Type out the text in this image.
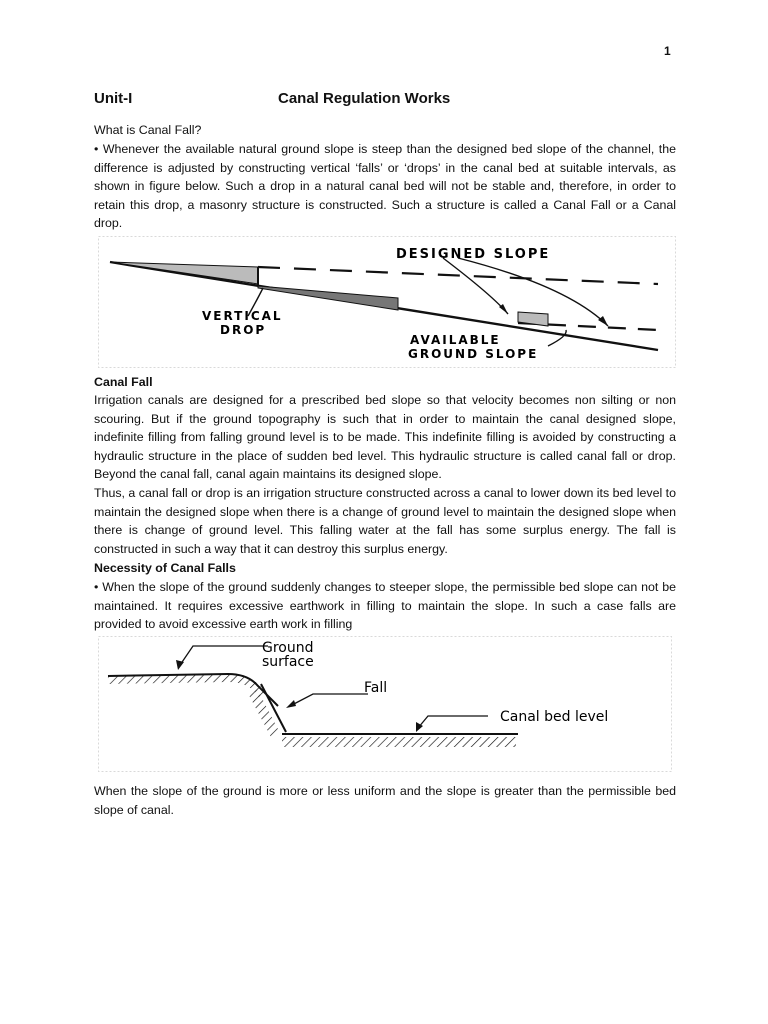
1
Unit-I	Canal Regulation Works

What is Canal Fall?

• Whenever the available natural ground slope is steep than the designed bed slope of the channel, the difference is adjusted by constructing vertical ‘falls’ or ‘drops’ in the canal bed at suitable intervals, as shown in figure below. Such a drop in a natural canal bed will not be stable and, therefore, in order to retain this drop, a masonry structure is constructed. Such a structure is called a Canal Fall or a Canal drop.

DESIGNED SLOPE
VERTICAL
DROP
AVAILABLE
GROUND SLOPE

Canal Fall

Irrigation canals are designed for a prescribed bed slope so that velocity becomes non silting or non scouring. But if the ground topography is such that in order to maintain the canal designed slope, indefinite filling from falling ground level is to be made. This indefinite filling is avoided by constructing a hydraulic structure in the place of sudden bed level. This hydraulic structure is called canal fall or drop. Beyond the canal fall, canal again maintains its designed slope.

Thus, a canal fall or drop is an irrigation structure constructed across a canal to lower down its bed level to maintain the designed slope when there is a change of ground level to maintain the designed slope when there is change of ground level. This falling water at the fall has some surplus energy. The fall is constructed in such a way that it can destroy this surplus energy.

Necessity of Canal Falls

• When the slope of the ground suddenly changes to steeper slope, the permissible bed slope can not be maintained. It requires excessive earthwork in filling to maintain the slope. In such a case falls are provided to avoid excessive earth work in filling

Ground
surface
Fall
Canal bed level

When the slope of the ground is more or less uniform and the slope is greater than the permissible bed slope of canal.
